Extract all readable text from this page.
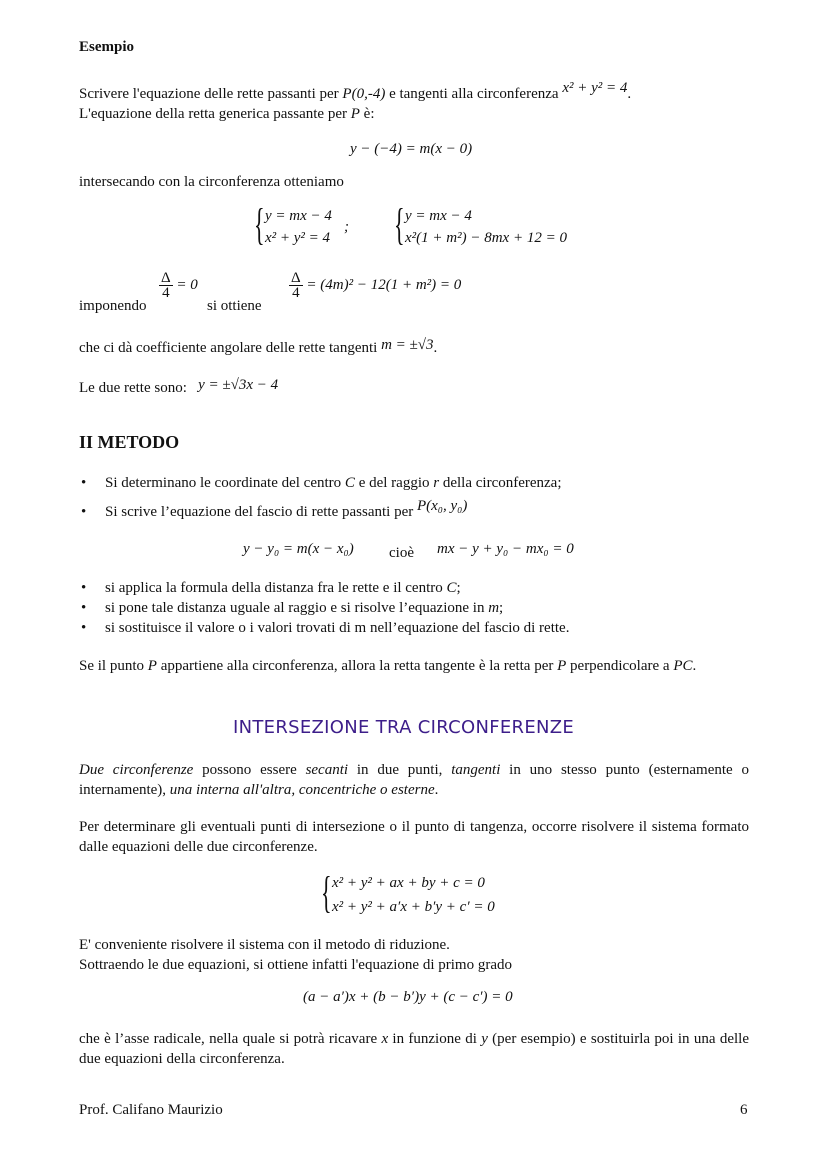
Esempio
Scrivere l'equazione delle rette passanti per P(0,-4) e tangenti alla circonferenza x² + y² = 4.
L'equazione della retta generica passante per P è:
y − (−4) = m(x − 0)
intersecando con la circonferenza otteniamo
{ y = mx − 4
x² + y² = 4
; { y = mx − 4
x²(1 + m²) − 8mx + 12 = 0
imponendo
$\frac{\Delta}{4} = 0$
si ottiene
$\frac{\Delta}{4} = (4m)^2 - 12(1 + m^2) = 0$
che ci dà coefficiente angolare delle rette tangenti m = ±√3.
Le due rette sono:   y = ±√3x − 4
II METODO
• Si determinano le coordinate del centro C e del raggio r della circonferenza;
• Si scrive l’equazione del fascio di rette passanti per P(x₀, y₀)
y − y₀ = m(x − x₀) cioè mx − y + y₀ − mx₀ = 0
• si applica la formula della distanza fra le rette e il centro C;
• si pone tale distanza uguale al raggio e si risolve l’equazione in m;
• si sostituisce il valore o i valori trovati di m nell’equazione del fascio di rette.
Se il punto P appartiene alla circonferenza, allora la retta tangente è la retta per P perpendicolare a PC.
INTERSEZIONE TRA CIRCONFERENZE
Due circonferenze possono essere secanti in due punti, tangenti in uno stesso punto (esternamente o internamente), una interna all'altra, concentriche o esterne.
Per determinare gli eventuali punti di intersezione o il punto di tangenza, occorre risolvere il sistema formato dalle equazioni delle due circonferenze.
{ x² + y² + ax + by + c = 0
x² + y² + a′x + b′y + c′ = 0
E' conveniente risolvere il sistema con il metodo di riduzione.
Sottraendo le due equazioni, si ottiene infatti l'equazione di primo grado
(a − a′)x + (b − b′)y + (c − c′) = 0
che è l’asse radicale, nella quale si potrà ricavare x in funzione di y (per esempio) e sostituirla poi in una delle due equazioni della circonferenza.
Prof. Califano Maurizio	6
